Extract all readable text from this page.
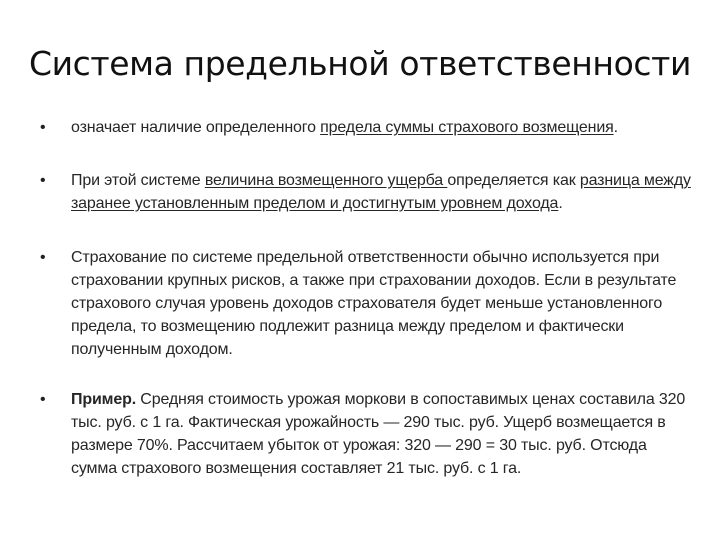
Система предельной ответственности
• означает наличие определенного предела суммы страхового возмещения.
• При этой системе величина возмещенного ущерба определяется как разница между заранее установленным пределом и достигнутым уровнем дохода.
• Страхование по системе предельной ответственности обычно используется при страховании крупных рисков, а также при страховании доходов. Если в результате страхового случая уровень доходов страхователя будет меньше установленного предела, то возмещению подлежит разница между пределом и фактически полученным доходом.
• Пример. Средняя стоимость урожая моркови в сопоставимых ценах составила 320 тыс. руб. с 1 га. Фактическая урожайность — 290 тыс. руб. Ущерб возмещается в размере 70%. Рассчитаем убыток от урожая: 320 — 290 = 30 тыс. руб. Отсюда сумма страхового возмещения составляет 21 тыс. руб. с 1 га.
